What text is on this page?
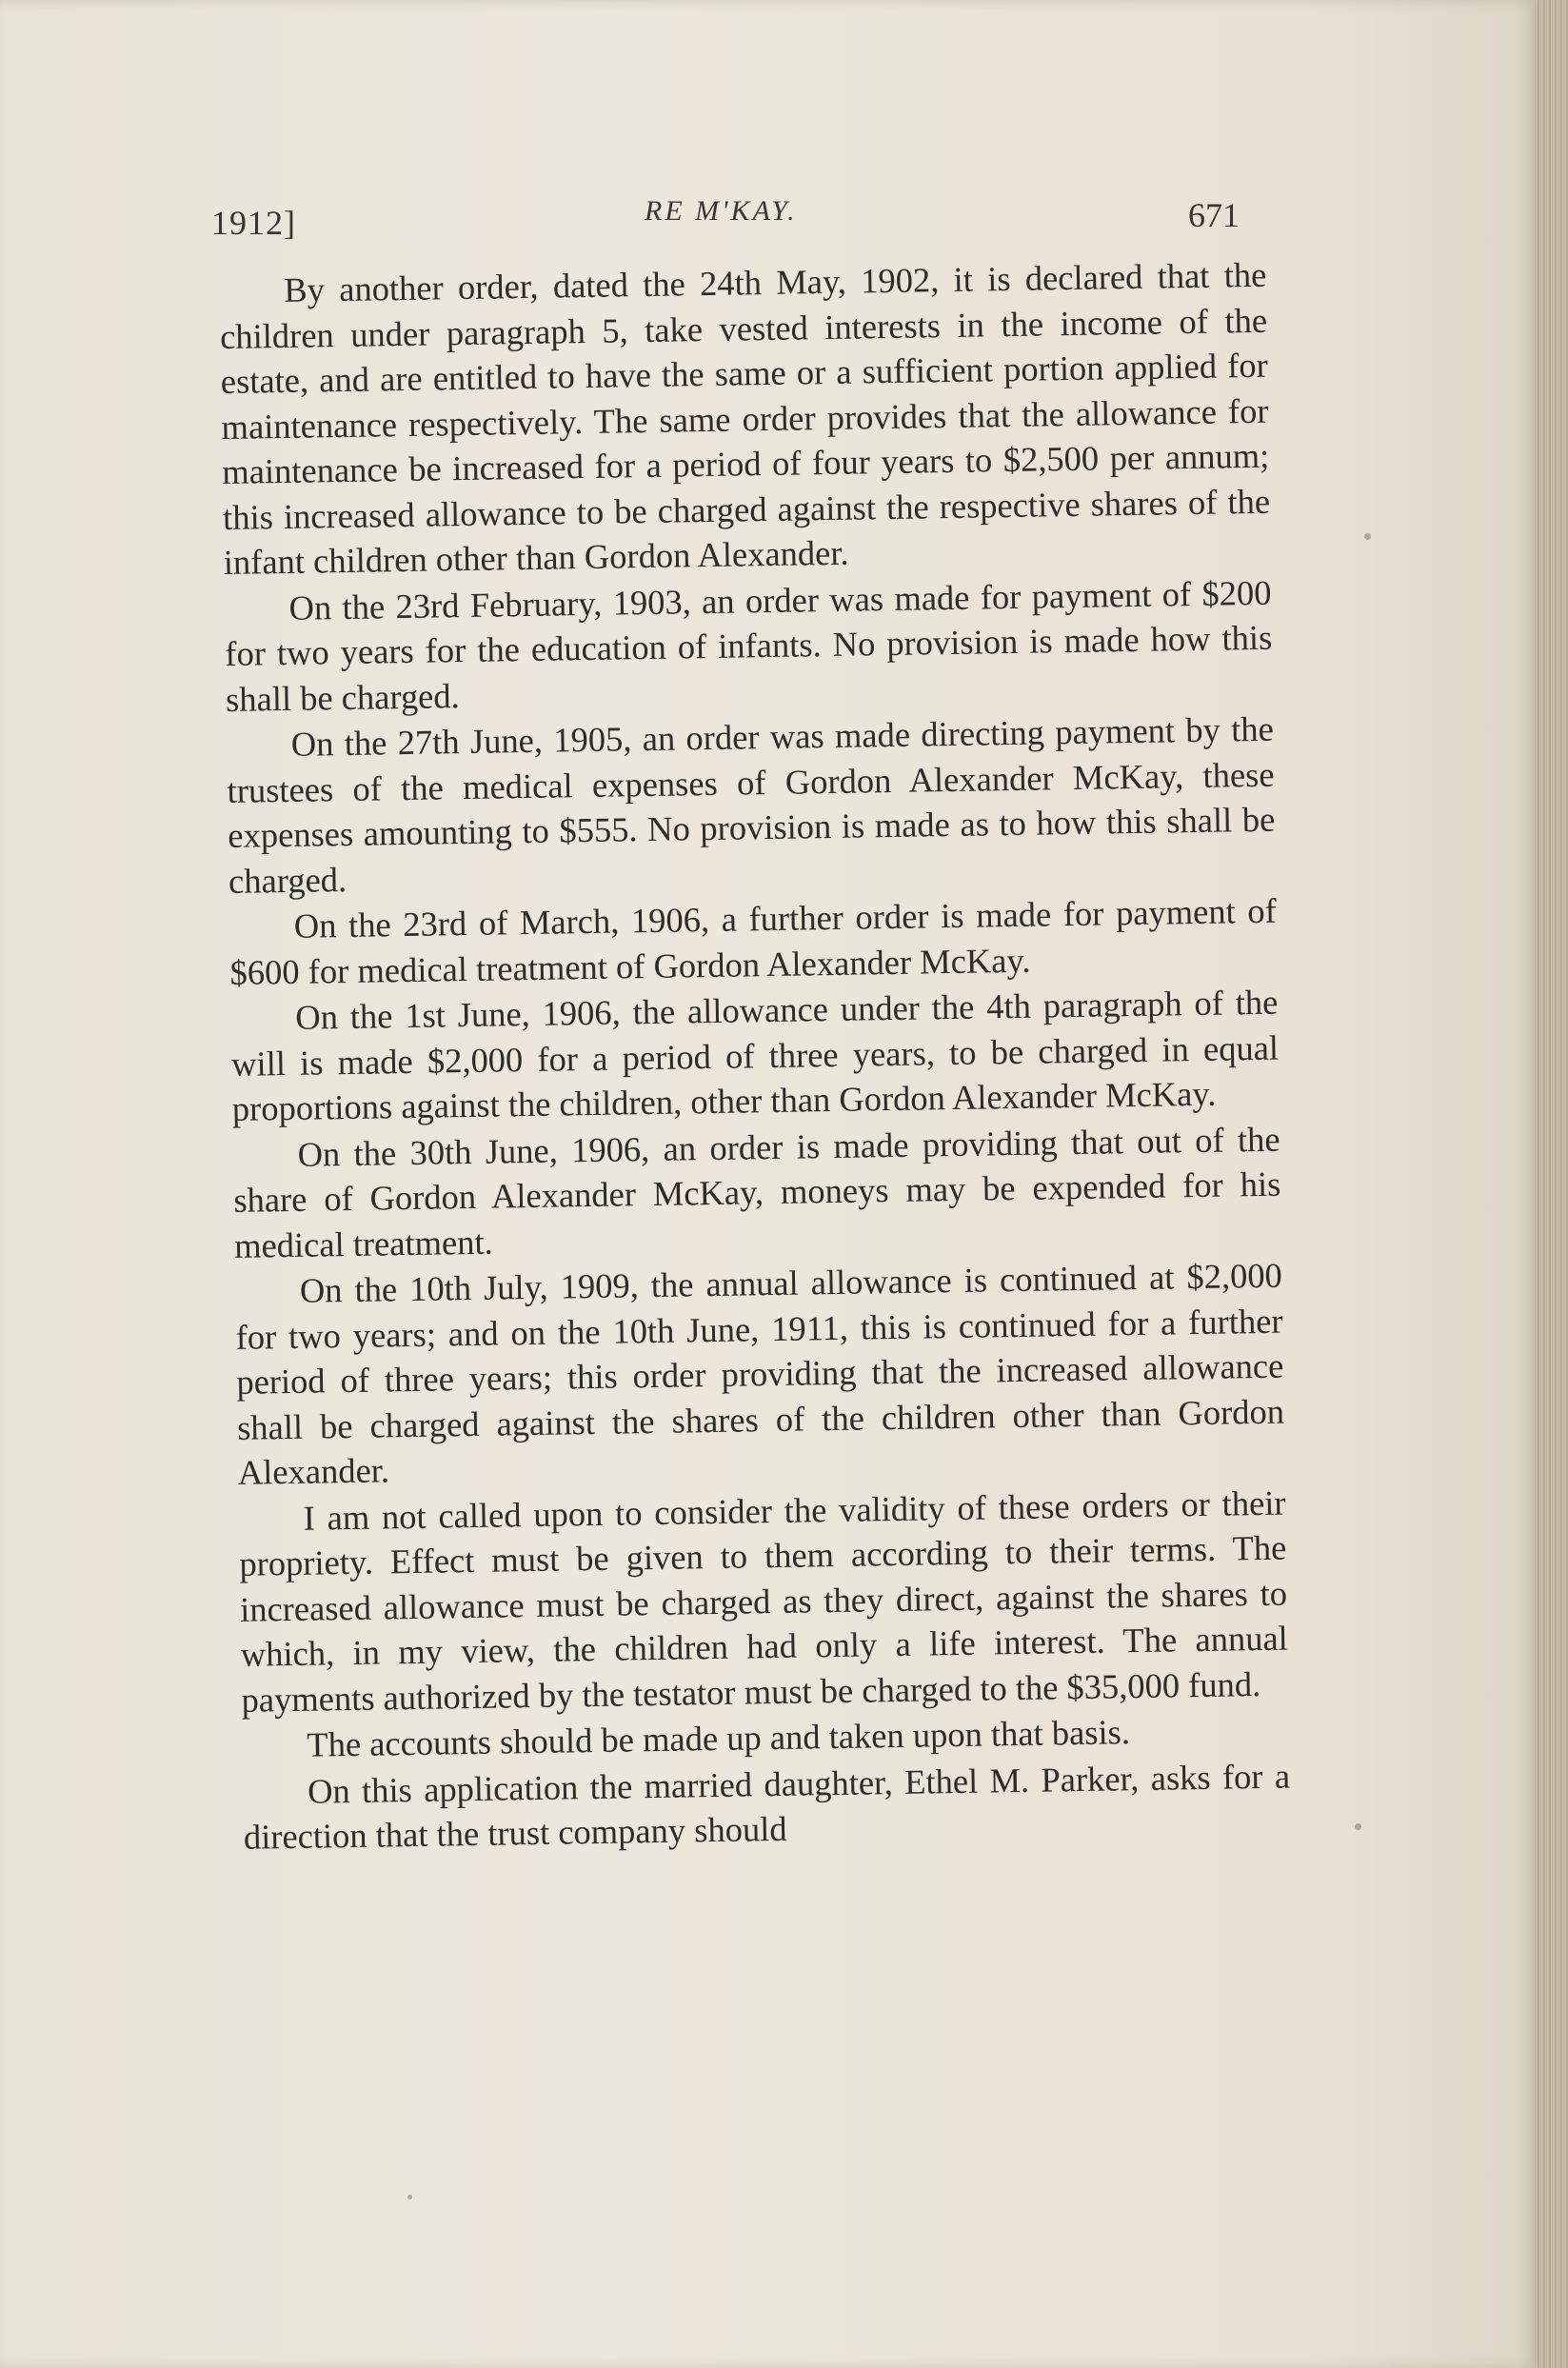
1912]	RE M'KAY.	671

By another order, dated the 24th May, 1902, it is declared that the children under paragraph 5, take vested interests in the income of the estate, and are entitled to have the same or a sufficient portion applied for maintenance respectively. The same order provides that the allowance for maintenance be increased for a period of four years to $2,500 per annum; this increased allowance to be charged against the respective shares of the infant children other than Gordon Alexander.

On the 23rd February, 1903, an order was made for payment of $200 for two years for the education of infants. No provision is made how this shall be charged.

On the 27th June, 1905, an order was made directing payment by the trustees of the medical expenses of Gordon Alexander McKay, these expenses amounting to $555. No provision is made as to how this shall be charged.

On the 23rd of March, 1906, a further order is made for payment of $600 for medical treatment of Gordon Alexander McKay.

On the 1st June, 1906, the allowance under the 4th paragraph of the will is made $2,000 for a period of three years, to be charged in equal proportions against the children, other than Gordon Alexander McKay.

On the 30th June, 1906, an order is made providing that out of the share of Gordon Alexander McKay, moneys may be expended for his medical treatment.

On the 10th July, 1909, the annual allowance is continued at $2,000 for two years; and on the 10th June, 1911, this is continued for a further period of three years; this order providing that the increased allowance shall be charged against the shares of the children other than Gordon Alexander.

I am not called upon to consider the validity of these orders or their propriety. Effect must be given to them according to their terms. The increased allowance must be charged as they direct, against the shares to which, in my view, the children had only a life interest. The annual payments authorized by the testator must be charged to the $35,000 fund.

The accounts should be made up and taken upon that basis.

On this application the married daughter, Ethel M. Parker, asks for a direction that the trust company should
